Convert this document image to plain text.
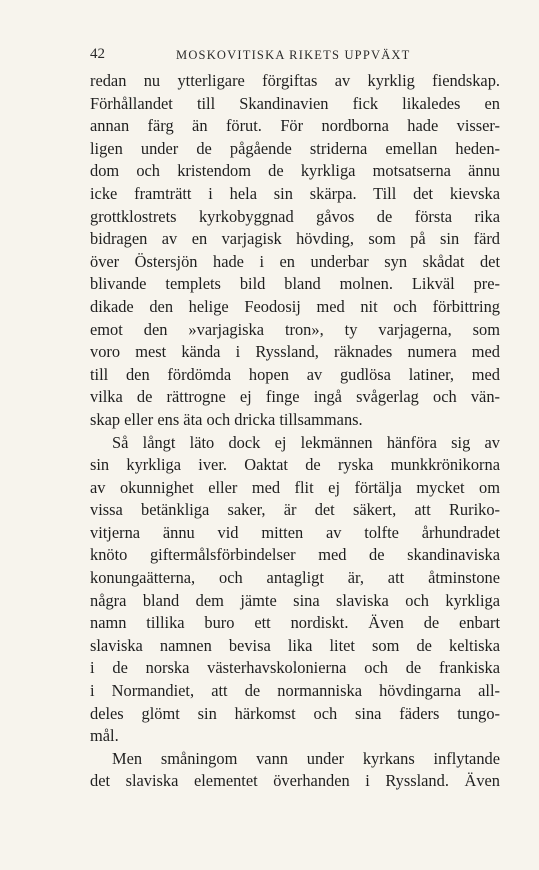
42	MOSKOVITISKA RIKETS UPPVÄXT
redan nu ytterligare förgiftas av kyrklig fiendskap.
Förhållandet till Skandinavien fick likaledes en
annan färg än förut. För nordborna hade visser-
ligen under de pågående striderna emellan heden-
dom och kristendom de kyrkliga motsatserna ännu
icke framträtt i hela sin skärpa. Till det kievska
grottklostrets kyrkobyggnad gåvos de första rika
bidragen av en varjagisk hövding, som på sin färd
över Östersjön hade i en underbar syn skådat det
blivande templets bild bland molnen. Likväl pre-
dikade den helige Feodosij med nit och förbittring
emot den »varjagiska tron», ty varjagerna, som
voro mest kända i Ryssland, räknades numera med
till den fördömda hopen av gudlösa latiner, med
vilka de rättrogne ej finge ingå svågerlag och vän-
skap eller ens äta och dricka tillsammans.
Så långt läto dock ej lekmännen hänföra sig av
sin kyrkliga iver. Oaktat de ryska munkkrönikorna
av okunnighet eller med flit ej förtälja mycket om
vissa betänkliga saker, är det säkert, att Ruriko-
vitjerna ännu vid mitten av tolfte århundradet
knöto giftermålsförbindelser med de skandinaviska
konungaätterna, och antagligt är, att åtminstone
några bland dem jämte sina slaviska och kyrkliga
namn tillika buro ett nordiskt. Även de enbart
slaviska namnen bevisa lika litet som de keltiska
i de norska västerhavskolonierna och de frankiska
i Normandiet, att de normanniska hövdingarna all-
deles glömt sin härkomst och sina fäders tungo-
mål.
Men småningom vann under kyrkans inflytande
det slaviska elementet överhanden i Ryssland. Även
